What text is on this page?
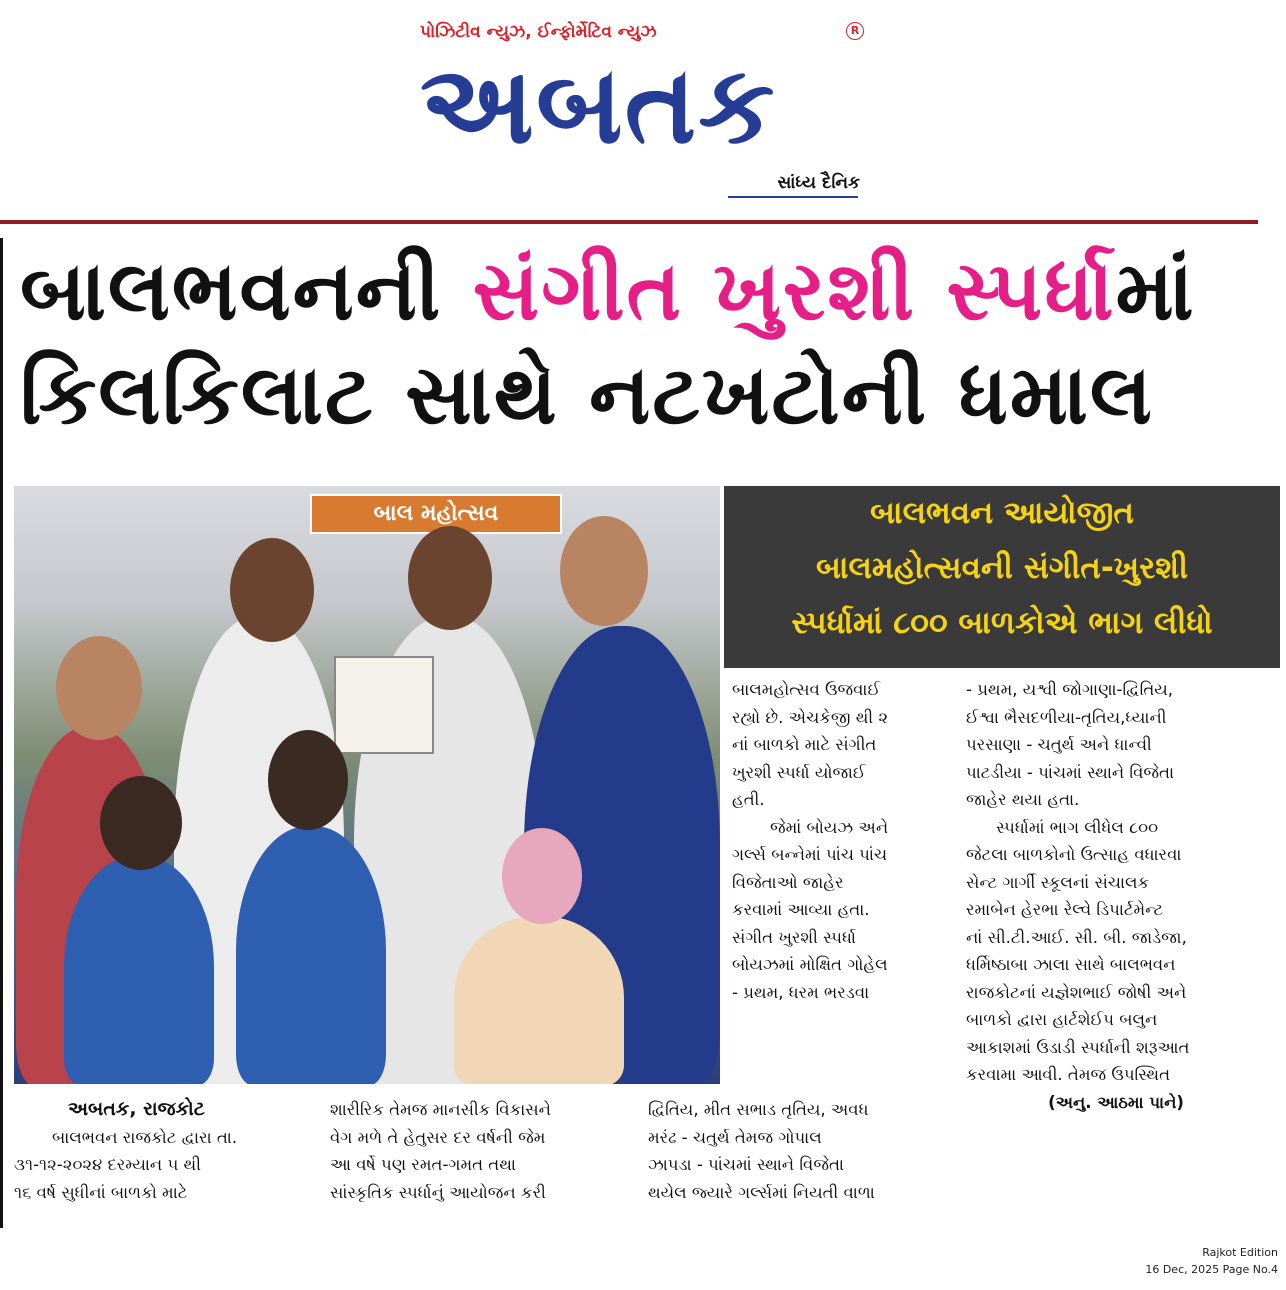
પોઝિટીવ ન્યુઝ, ઈન્ફોર્મેટિવ ન્યુઝ	R
અબતક
સાંધ્ય દૈનિક
બાલભવનની સંગીત ખુરશી સ્પર્ધામાં
કિલકિલાટ સાથે નટખટોની ધમાલ
બાલ મહોત્સવ	બાલભવન આયોજીત
બાલમહોત્સવની સંગીત-ખુરશી
સ્પર્ધામાં ૮૦૦ બાળકોએ ભાગ લીધો
બાલમહોત્સવ ઉજવાઈ
રહ્યો છે. એચકેજી થી ૨
નાં બાળકો માટે સંગીત
ખુરશી સ્પર્ધા યોજાઈ
હતી.
જેમાં બોયઝ અને
ગર્લ્સ બન્નેમાં પાંચ પાંચ
વિજેતાઓ જાહેર
કરવામાં આવ્યા હતા.
સંગીત ખુરશી સ્પર્ધા
બોયઝમાં મોક્ષિત ગોહેલ
- પ્રથમ, ધરમ ભરડવા
- પ્રથમ, યશ્વી જોગાણા-દ્વિતિય,
ઈશ્વા ભૈસદળીયા-તૃતિય,ધ્યાની
પરસાણા - ચતુર્થ અને ધાન્વી
પાટડીયા - પાંચમાં સ્થાને વિજેતા
જાહેર થયા હતા.
સ્પર્ધામાં ભાગ લીધેલ ૮૦૦
જેટલા બાળકોનો ઉત્સાહ વધારવા
સેન્ટ ગાર્ગી સ્કૂલનાં સંચાલક
રમાબેન હેરભા રેલ્વે ડિપાર્ટમેન્ટ
નાં સી.ટી.આઈ. સી. બી. જાડેજા,
ધર્મિષ્ઠાબા ઝાલા સાથે બાલભવન
રાજકોટનાં યજ્ઞેશભાઈ જોષી અને
બાળકો દ્વારા હાર્ટશેઈપ બલુન
આકાશમાં ઉડાડી સ્પર્ધાની શરૂઆત
કરવામા આવી. તેમજ ઉપસ્થિત
(અનુ. આઠમા પાને)
અબતક, રાજકોટ
બાલભવન રાજકોટ દ્વારા તા.
૩૧-૧૨-૨૦૨૪ દરમ્યાન ૫ થી
૧૬ વર્ષ સુધીનાં બાળકો માટે
શારીરિક તેમજ માનસીક વિકાસને
વેગ મળે તે હેતુસર દર વર્ષની જેમ
આ વર્ષે પણ રમત-ગમત તથા
સાંસ્કૃતિક સ્પર્ધાનું આયોજન કરી
દ્વિતિય, મીત સભાડ તૃતિય, અવધ
મરંઢ - ચતુર્થ તેમજ ગોપાલ
ઝાપડા - પાંચમાં સ્થાને વિજેતા
થયેલ જ્યારે ગર્લ્સમાં નિયતી વાળા
Rajkot Edition
16 Dec, 2025 Page No.4
